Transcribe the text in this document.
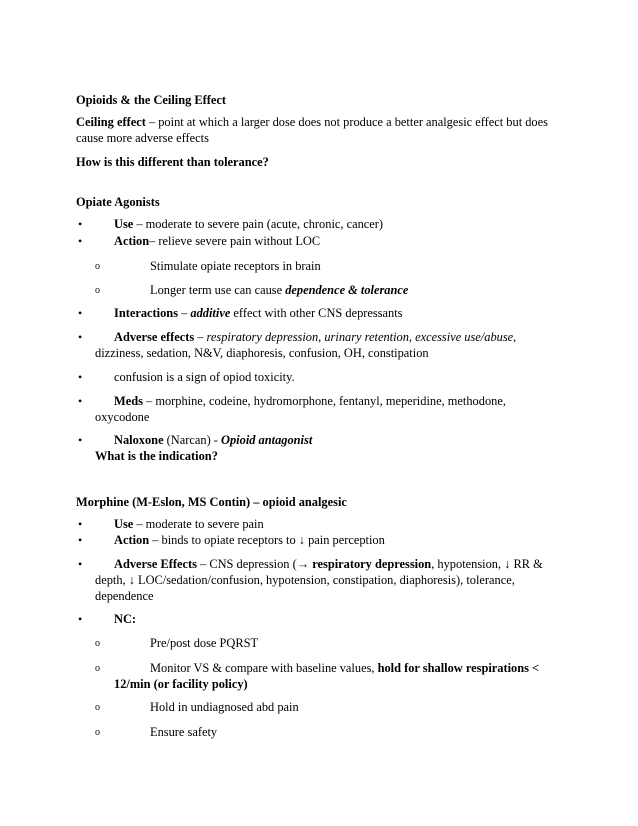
Opioids & the Ceiling Effect
Ceiling effect – point at which a larger dose does not produce a better analgesic effect but does
cause more adverse effects
How is this different than tolerance?
Opiate Agonists
•	Use – moderate to severe pain (acute, chronic, cancer)
•	Action– relieve severe pain without LOC
o	Stimulate opiate receptors in brain
o	Longer term use can cause dependence & tolerance
•	Interactions – additive effect with other CNS depressants
•	Adverse effects – respiratory depression, urinary retention, excessive use/abuse,
dizziness, sedation, N&V, diaphoresis, confusion, OH, constipation
•	confusion is a sign of opiod toxicity.
•	Meds – morphine, codeine, hydromorphone, fentanyl, meperidine, methodone,
oxycodone
•	Naloxone (Narcan) - Opioid antagonist
What is the indication?
Morphine (M-Eslon, MS Contin) – opioid analgesic
•	Use – moderate to severe pain
•	Action – binds to opiate receptors to ↓ pain perception
•	Adverse Effects – CNS depression (→ respiratory depression, hypotension, ↓ RR &
depth, ↓ LOC/sedation/confusion, hypotension, constipation, diaphoresis), tolerance,
dependence
•	NC:
o	Pre/post dose PQRST
o	Monitor VS & compare with baseline values, hold for shallow respirations <
12/min (or facility policy)
o	Hold in undiagnosed abd pain
o	Ensure safety
